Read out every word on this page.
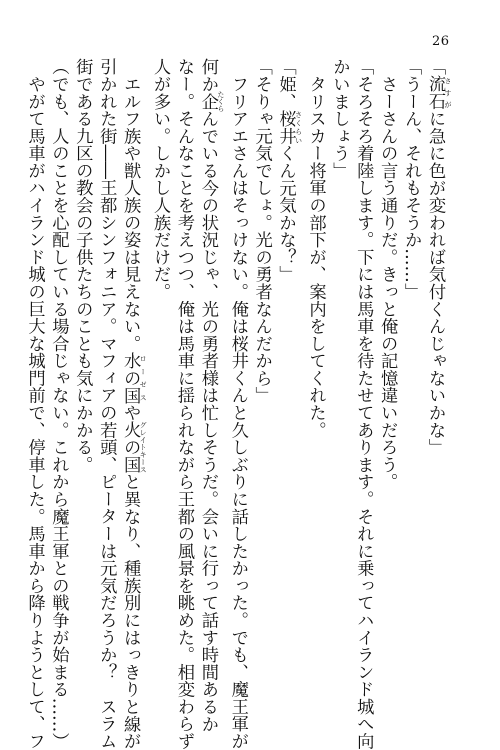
26
「流石 さすがに急に色が変われば気付くんじゃないかな」
「うーん、それもそうか……」
　さーさんの言う通りだ。きっと俺の記憶違いだろう。
「そろそろ着陸します。下には馬車を待たせてあります。それに乗ってハイランド城へ向
かいましょう」
　タリスカー将軍の部下が、案内をしてくれた。
「姫、桜井 さくらいくん元気かな？」
「そりゃ元気でしょ。光の勇者なんだから」
　フリアエさんはそっけない。俺は桜井くんと久しぶりに話したかった。でも、魔王軍が
何か企 たくらんでいる今の状況じゃ、光の勇者様は忙しそうだ。会いに行って話す時間あるか
なー。そんなことを考えつつ、俺は馬車に揺られながら王都の風景を眺めた。相変わらず
人が多い。しかし人族だけだ。
　エルフ族や獣人族の姿は見えない。水の国 ローゼスや火の国 グレイトキースと異なり、種族別にはっきりと線が
引かれた街――王都シンフォニア。マフィアの若頭、ピーターは元気だろうか？　スラム
街である九区の教会の子供たちのことも気にかかる。
（でも、人のことを心配している場合じゃない。これから魔王軍との戦争が始まる……）
　やがて馬車がハイランド城の巨大な城門前で、停車した。馬車から降りようとして、フ
